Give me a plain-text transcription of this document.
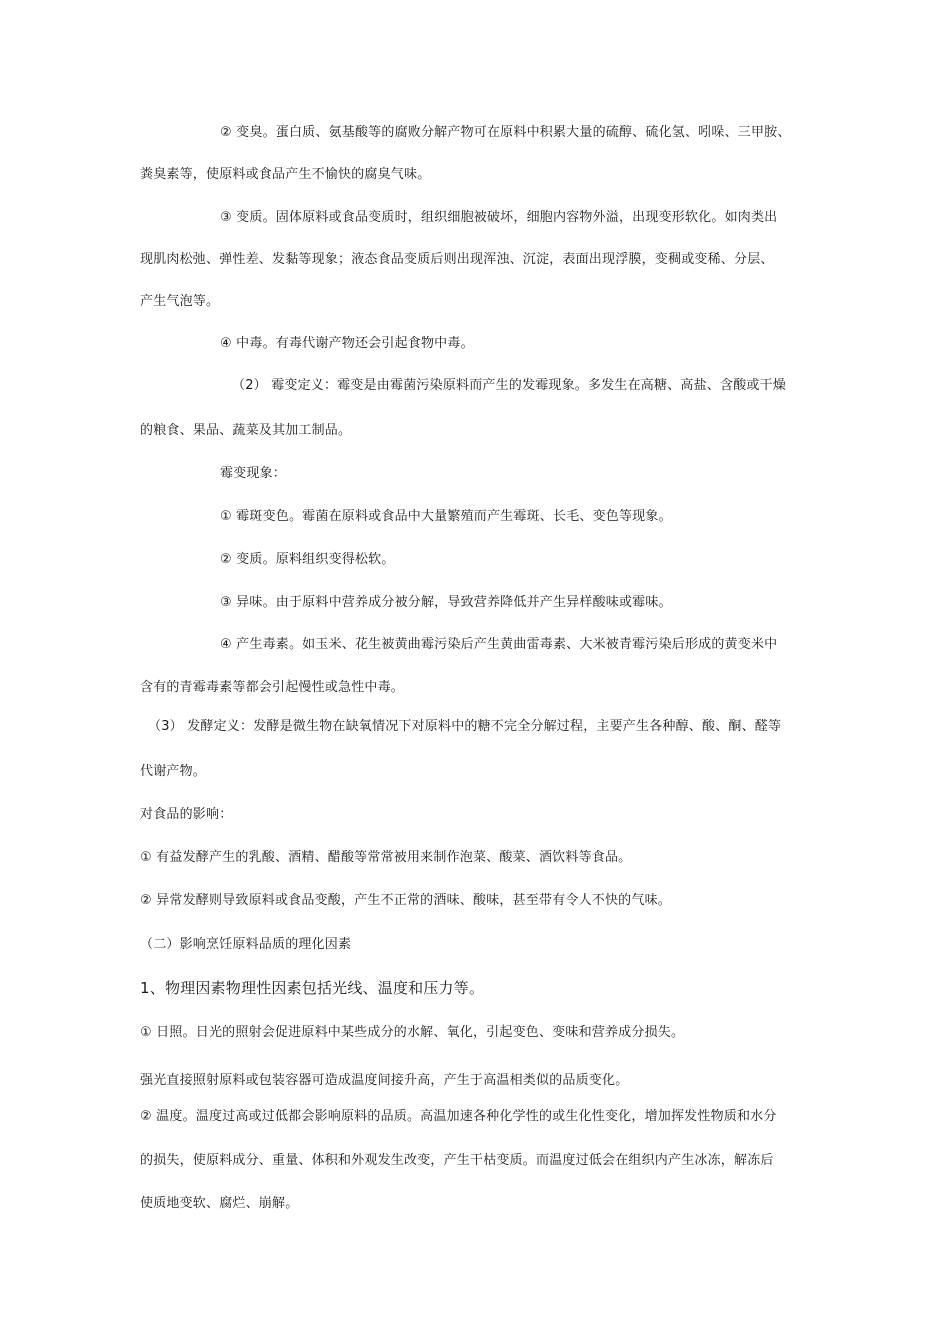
② 变臭。蛋白质、氨基酸等的腐败分解产物可在原料中积累大量的硫醇、硫化氢、吲哚、三甲胺、
粪臭素等，使原料或食品产生不愉快的腐臭气味。
③ 变质。固体原料或食品变质时，组织细胞被破坏，细胞内容物外溢，出现变形软化。如肉类出
现肌肉松弛、弹性差、发黏等现象；液态食品变质后则出现浑浊、沉淀，表面出现浮膜，变稠或变稀、分层、
产生气泡等。
④ 中毒。有毒代谢产物还会引起食物中毒。
（2） 霉变定义：霉变是由霉菌污染原料而产生的发霉现象。多发生在高糖、高盐、含酸或干燥
的粮食、果品、蔬菜及其加工制品。
霉变现象：
① 霉斑变色。霉菌在原料或食品中大量繁殖而产生霉斑、长毛、变色等现象。
② 变质。原料组织变得松软。
③ 异味。由于原料中营养成分被分解，导致营养降低并产生异样酸味或霉味。
④ 产生毒素。如玉米、花生被黄曲霉污染后产生黄曲雷毒素、大米被青霉污染后形成的黄变米中
含有的青霉毒素等都会引起慢性或急性中毒。
（3） 发酵定义：发酵是微生物在缺氧情况下对原料中的糖不完全分解过程，主要产生各种醇、酸、酮、醛等
代谢产物。
对食品的影响：
① 有益发酵产生的乳酸、酒精、醋酸等常常被用来制作泡菜、酸菜、酒饮料等食品。
② 异常发酵则导致原料或食品变酸，产生不正常的酒味、酸味，甚至带有令人不快的气味。
（二）影响烹饪原料品质的理化因素
1、物理因素物理性因素包括光线、温度和压力等。
① 日照。日光的照射会促进原料中某些成分的水解、氧化，引起变色、变味和营养成分损失。
强光直接照射原料或包装容器可造成温度间接升高，产生于高温相类似的品质变化。
② 温度。温度过高或过低都会影响原料的品质。高温加速各种化学性的或生化性变化，增加挥发性物质和水分
的损失，使原料成分、重量、体积和外观发生改变，产生干枯变质。而温度过低会在组织内产生冰冻，解冻后
使质地变软、腐烂、崩解。
